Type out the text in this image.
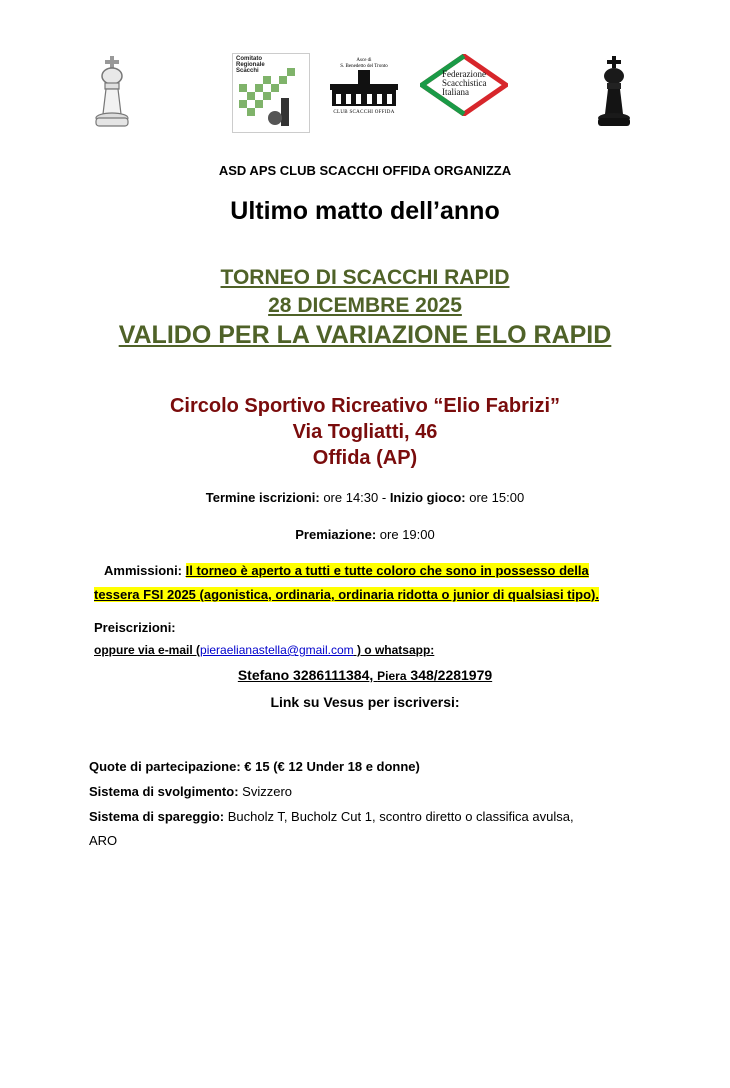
Comitato
Regionale
Scacchi
Asce di
S. Benedetto del Tronto
CLUB SCACCHI OFFIDA
Federazione
Scacchistica
Italiana
ASD APS CLUB SCACCHI OFFIDA ORGANIZZA
Ultimo matto dell’anno
TORNEO DI SCACCHI RAPID
28 DICEMBRE 2025
VALIDO PER LA VARIAZIONE ELO RAPID
Circolo Sportivo Ricreativo “Elio Fabrizi”
Via Togliatti, 46
Offida (AP)
Termine iscrizioni: ore 14:30 - Inizio gioco: ore 15:00
Premiazione: ore 19:00
Ammissioni: Il torneo è aperto a tutti e tutte coloro che sono in possesso della
tessera FSI 2025 (agonistica, ordinaria, ordinaria ridotta o junior di qualsiasi tipo).
Preiscrizioni:
oppure via e-mail (pieraelianastella@gmail.com ) o whatsapp:
Stefano 3286111384, Piera 348/2281979
Link su Vesus per iscriversi:
Quote di partecipazione: € 15 (€ 12 Under 18 e donne)
Sistema di svolgimento: Svizzero
Sistema di spareggio: Bucholz T, Bucholz Cut 1, scontro diretto o classifica avulsa,
ARO
